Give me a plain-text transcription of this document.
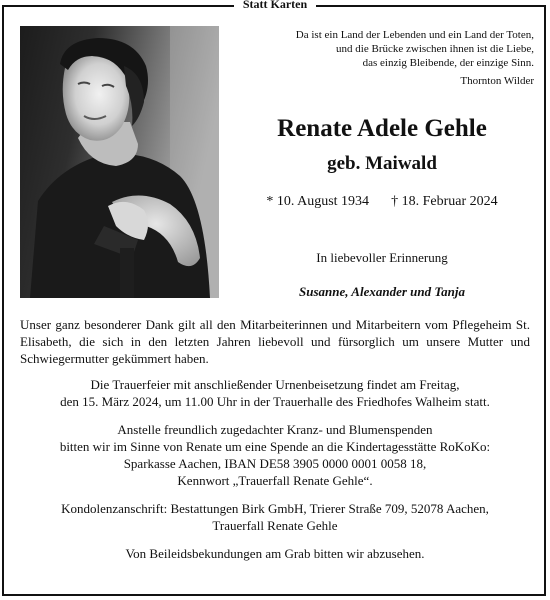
Statt Karten

Da ist ein Land der Lebenden und ein Land der Toten,

und die Brücke zwischen ihnen ist die Liebe,

das einzig Bleibende, der einzige Sinn.

Thornton Wilder

Renate Adele Gehle
geb. Maiwald
* 10. August 1934 † 18. Februar 2024
In liebevoller Erinnerung
Susanne, Alexander und Tanja

Unser ganz besonderer Dank gilt all den Mitarbeiterinnen und Mitarbeitern vom Pflegeheim St. Elisabeth, die sich in den letzten Jahren liebevoll und fürsorglich um unsere Mutter und Schwiegermutter gekümmert haben.

Die Trauerfeier mit anschließender Urnenbeisetzung findet am Freitag,

den 15. März 2024, um 11.00 Uhr in der Trauerhalle des Friedhofes Walheim statt.

Anstelle freundlich zugedachter Kranz- und Blumenspenden

bitten wir im Sinne von Renate um eine Spende an die Kindertagesstätte RoKoKo:

Sparkasse Aachen, IBAN DE58 3905 0000 0001 0058 18,

Kennwort „Trauerfall Renate Gehle“.

Kondolenzanschrift: Bestattungen Birk GmbH, Trierer Straße 709, 52078 Aachen,

Trauerfall Renate Gehle

Von Beileidsbekundungen am Grab bitten wir abzusehen.
